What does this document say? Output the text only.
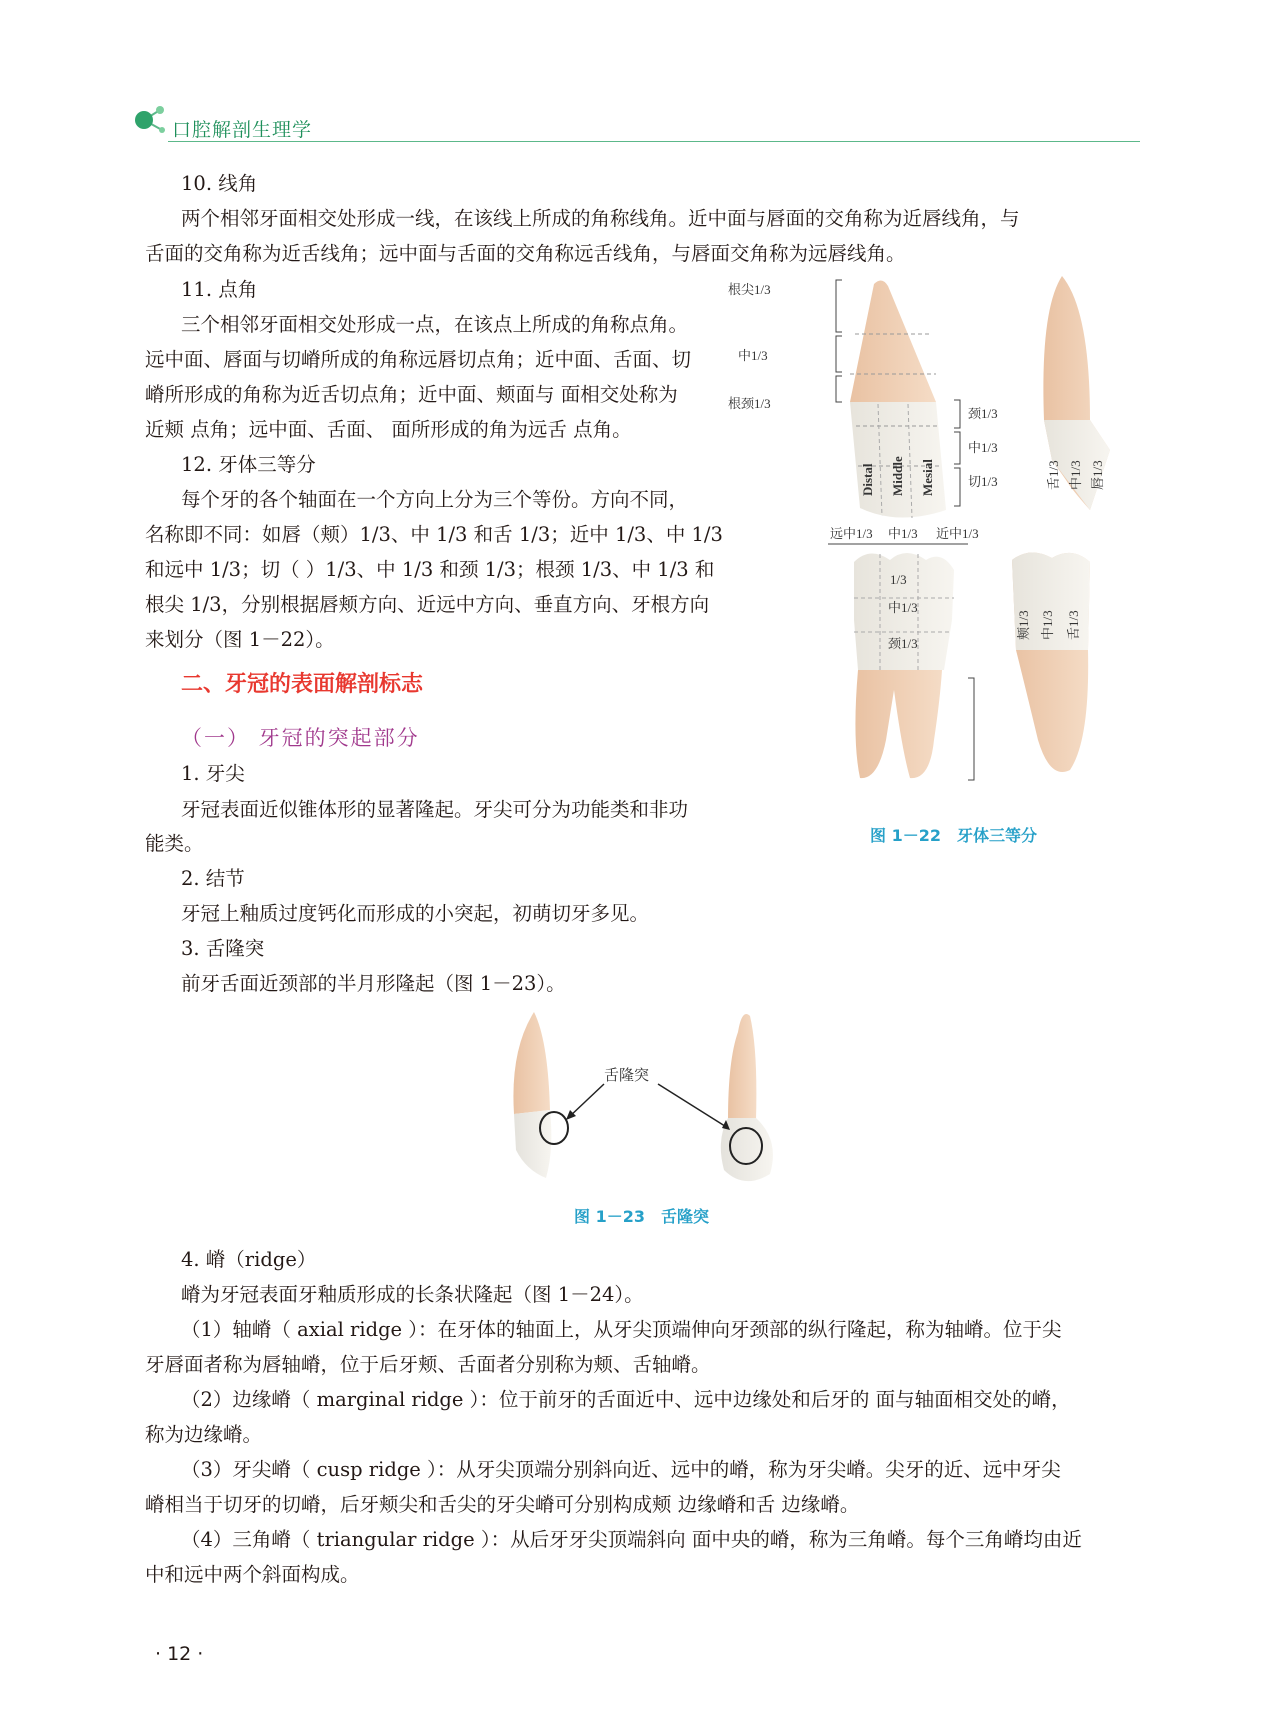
口腔解剖生理学
10. 线角
两个相邻牙面相交处形成一线，在该线上所成的角称线角。近中面与唇面的交角称为近唇线角，与
舌面的交角称为近舌线角；远中面与舌面的交角称远舌线角，与唇面交角称为远唇线角。
11. 点角
三个相邻牙面相交处形成一点，在该点上所成的角称点角。
远中面、唇面与切嵴所成的角称远唇切点角；近中面、舌面、切
嵴所形成的角称为近舌切点角；近中面、颊面与 面相交处称为
近颊 点角；远中面、舌面、 面所形成的角为远舌 点角。
12. 牙体三等分
每个牙的各个轴面在一个方向上分为三个等份。方向不同，
名称即不同：如唇（颊）1/3、中 1/3 和舌 1/3；近中 1/3、中 1/3
和远中 1/3；切（ ）1/3、中 1/3 和颈 1/3；根颈 1/3、中 1/3 和
根尖 1/3，分别根据唇颊方向、近远中方向、垂直方向、牙根方向
来划分（图 1－22）。
二、牙冠的表面解剖标志
（一） 牙冠的突起部分
1. 牙尖
牙冠表面近似锥体形的显著隆起。牙尖可分为功能类和非功
能类。
2. 结节
牙冠上釉质过度钙化而形成的小突起，初萌切牙多见。
3. 舌隆突
前牙舌面近颈部的半月形隆起（图 1－23）。
4. 嵴（ridge）
嵴为牙冠表面牙釉质形成的长条状隆起（图 1－24）。
（1）轴嵴（ axial ridge ）：在牙体的轴面上，从牙尖顶端伸向牙颈部的纵行隆起，称为轴嵴。位于尖
牙唇面者称为唇轴嵴，位于后牙颊、舌面者分别称为颊、舌轴嵴。
（2）边缘嵴（ marginal ridge ）：位于前牙的舌面近中、远中边缘处和后牙的 面与轴面相交处的嵴，
称为边缘嵴。
（3）牙尖嵴（ cusp ridge ）：从牙尖顶端分别斜向近、远中的嵴，称为牙尖嵴。尖牙的近、远中牙尖
嵴相当于切牙的切嵴，后牙颊尖和舌尖的牙尖嵴可分别构成颊 边缘嵴和舌 边缘嵴。
（4）三角嵴（ triangular ridge ）：从后牙牙尖顶端斜向 面中央的嵴，称为三角嵴。每个三角嵴均由近
中和远中两个斜面构成。
根尖1/3
中1/3
根颈1/3
颈1/3
中1/3
切1/3
Distal Middle Mesial	舌1/3 中1/3 唇1/3
远中1/3 中1/3 近中1/3
1/3
中1/3
颈1/3
颊1/3 中1/3 舌1/3
图 1－22　牙体三等分
舌隆突
图 1－23　舌隆突
· 12 ·
